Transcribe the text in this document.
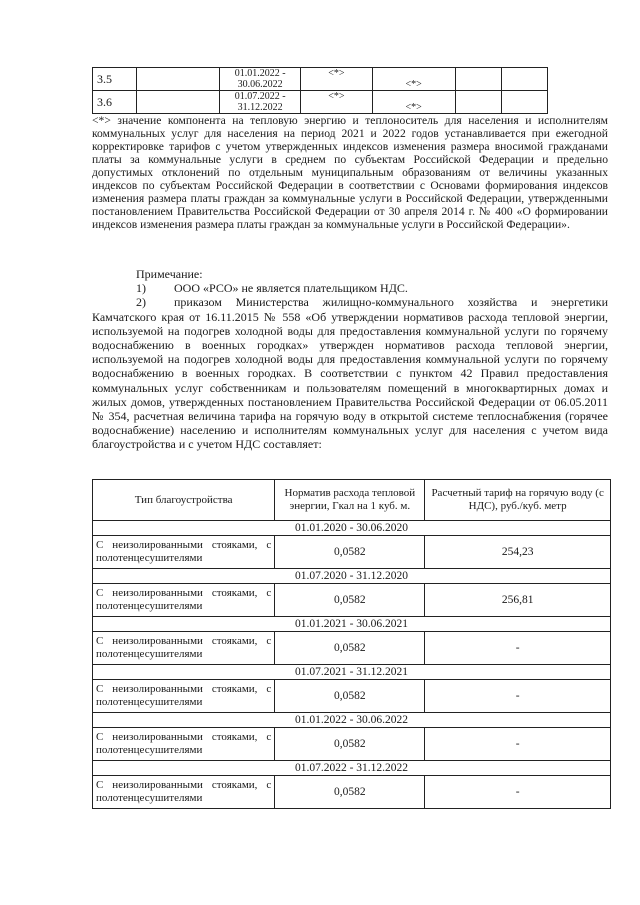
3.5		01.01.2022 - 30.06.2022	<*>	<*>		
3.6		01.07.2022 - 31.12.2022	<*>	<*>		

<*> значение компонента на тепловую энергию и теплоноситель для населения и исполнителям коммунальных услуг для населения на период 2021 и 2022 годов устанавливается при ежегодной корректировке тарифов с учетом утвержденных индексов изменения размера вносимой гражданами платы за коммунальные услуги в среднем по субъектам Российской Федерации и предельно допустимых отклонений по отдельным муниципальным образованиям от величины указанных индексов по субъектам Российской Федерации в соответствии с Основами формирования индексов изменения размера платы граждан за коммунальные услуги в Российской Федерации, утвержденными постановлением Правительства Российской Федерации от 30 апреля 2014 г. № 400 «О формировании индексов изменения размера платы граждан за коммунальные услуги в Российской Федерации».

Примечание:

1) ООО «РСО» не является плательщиком НДС.

2) приказом Министерства жилищно-коммунального хозяйства и энергетики Камчатского края от 16.11.2015 № 558 «Об утверждении нормативов расхода тепловой энергии, используемой на подогрев холодной воды для предоставления коммунальной услуги по горячему водоснабжению в военных городках» утвержден нормативов расхода тепловой энергии, используемой на подогрев холодной воды для предоставления коммунальной услуги по горячему водоснабжению в военных городках. В соответствии с пунктом 42 Правил предоставления коммунальных услуг собственникам и пользователям помещений в многоквартирных домах и жилых домов, утвержденных постановлением Правительства Российской Федерации от 06.05.2011 № 354, расчетная величина тарифа на горячую воду в открытой системе теплоснабжения (горячее водоснабжение) населению и исполнителям коммунальных услуг для населения с учетом вида благоустройства и с учетом НДС составляет:

Тип благоустройства	Норматив расхода тепловой энергии, Гкал на 1 куб. м.	Расчетный тариф на горячую воду (с НДС), руб./куб. метр
01.01.2020 - 30.06.2020		

С неизолированными стояками, с полотенцесушителями	0,0582	254,23
01.07.2020 - 31.12.2020		

С неизолированными стояками, с полотенцесушителями	0,0582	256,81
01.01.2021 - 30.06.2021		

С неизолированными стояками, с полотенцесушителями	0,0582	-
01.07.2021 - 31.12.2021		

С неизолированными стояками, с полотенцесушителями	0,0582	-
01.01.2022 - 30.06.2022		

С неизолированными стояками, с полотенцесушителями	0,0582	-
01.07.2022 - 31.12.2022		

С неизолированными стояками, с полотенцесушителями	0,0582	-
